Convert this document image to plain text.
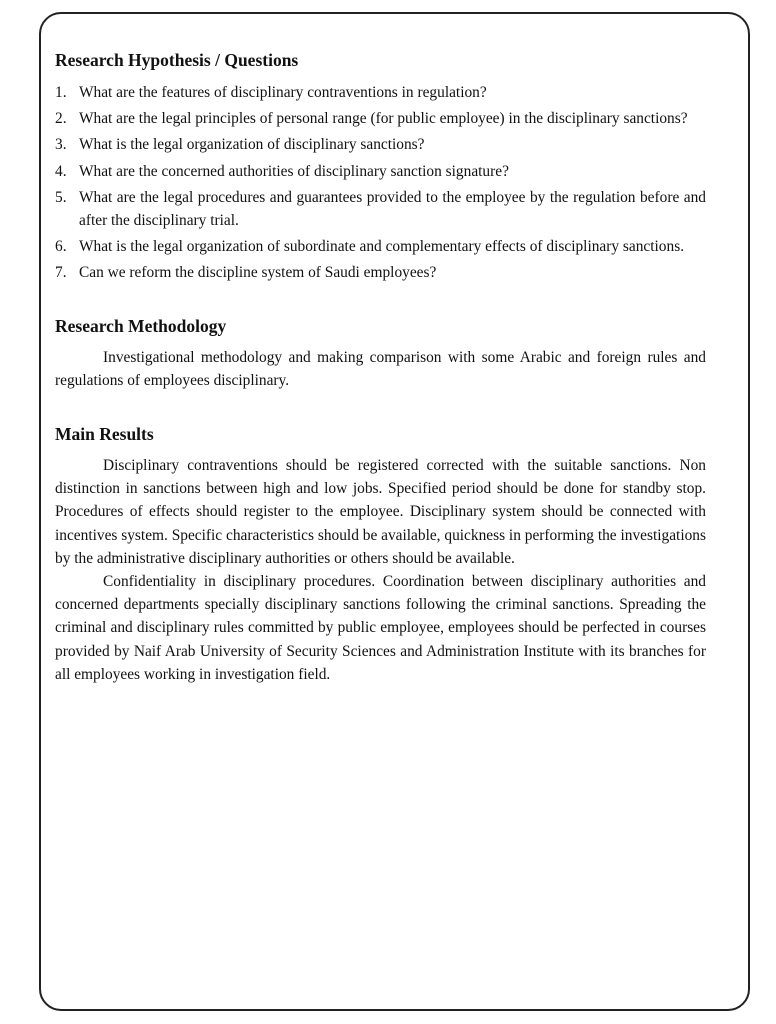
Research Hypothesis / Questions
1. What are the features of disciplinary contraventions in regulation?
2. What are the legal principles of personal range (for public employee) in the disciplinary sanctions?
3. What is the legal organization of disciplinary sanctions?
4. What are the concerned authorities of disciplinary sanction signature?
5. What are the legal procedures and guarantees provided to the employee by the regulation before and after the disciplinary trial.
6. What is the legal organization of subordinate and complementary effects of disciplinary sanctions.
7. Can we reform the discipline system of Saudi employees?
Research Methodology

Investigational methodology and making comparison with some Arabic and foreign rules and regulations of employees disciplinary.

Main Results

Disciplinary contraventions should be registered corrected with the suitable sanctions. Non distinction in sanctions between high and low jobs. Specified period should be done for standby stop. Procedures of effects should register to the employee. Disciplinary system should be connected with incentives system. Specific characteristics should be available, quickness in performing the investigations by the administrative disciplinary authorities or others should be available.

Confidentiality in disciplinary procedures. Coordination between disciplinary authorities and concerned departments specially disciplinary sanctions following the criminal sanctions. Spreading the criminal and disciplinary rules committed by public employee, employees should be perfected in courses provided by Naif Arab University of Security Sciences and Administration Institute with its branches for all employees working in investigation field.
